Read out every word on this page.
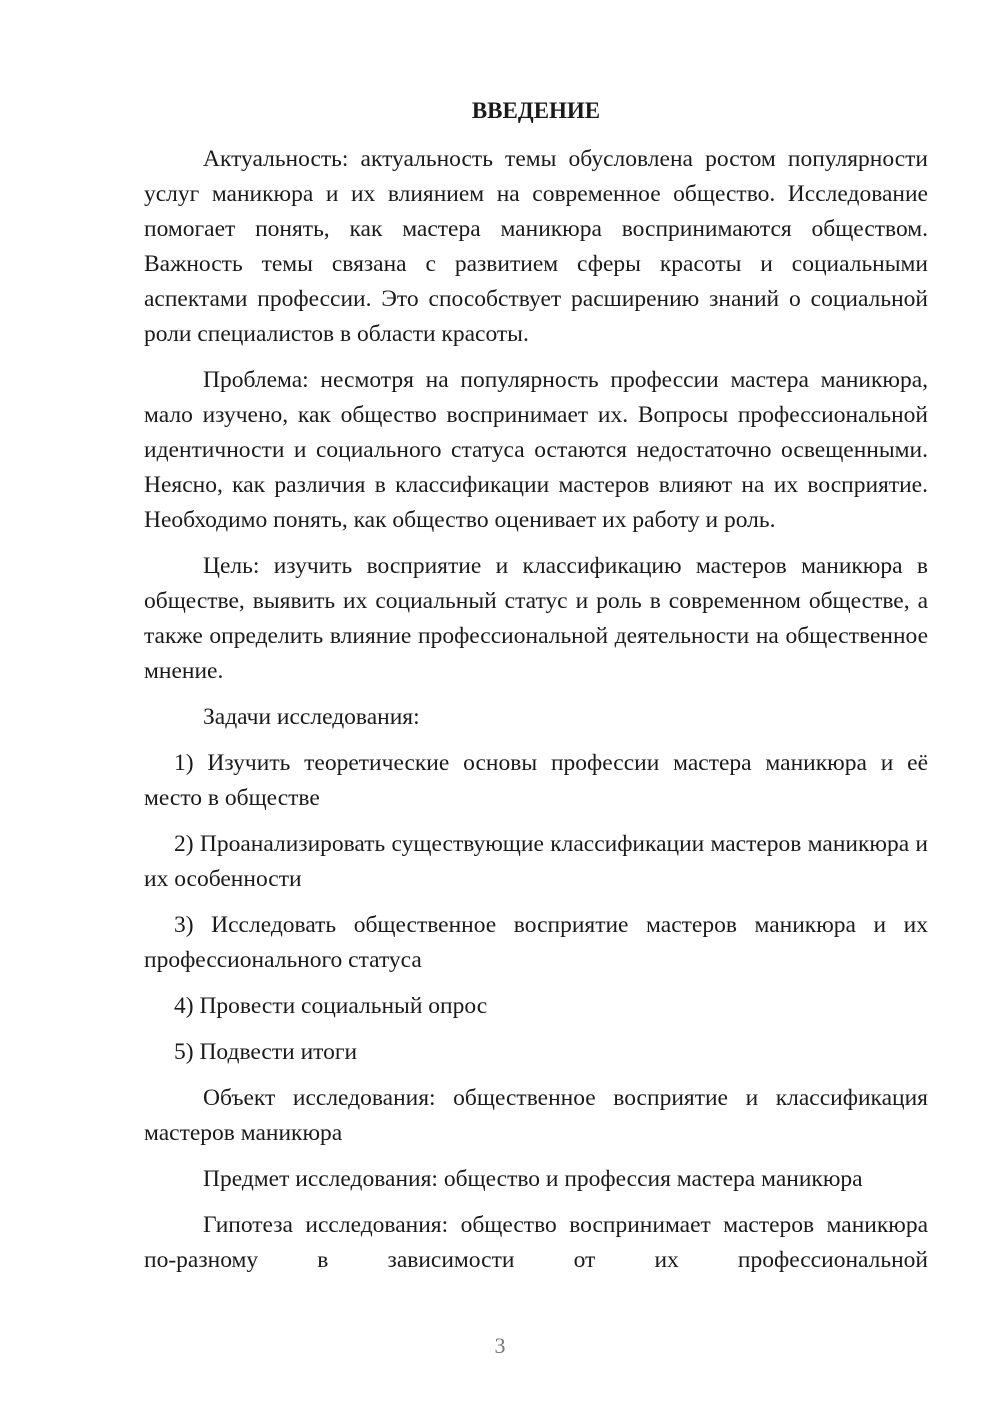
ВВЕДЕНИЕ

Актуальность: актуальность темы обусловлена ростом популярности услуг маникюра и их влиянием на современное общество. Исследование помогает понять, как мастера маникюра воспринимаются обществом. Важность темы связана с развитием сферы красоты и социальными аспектами профессии. Это способствует расширению знаний о социальной роли специалистов в области красоты.

Проблема: несмотря на популярность профессии мастера маникюра, мало изучено, как общество воспринимает их. Вопросы профессиональной идентичности и социального статуса остаются недостаточно освещенными. Неясно, как различия в классификации мастеров влияют на их восприятие. Необходимо понять, как общество оценивает их работу и роль.

Цель: изучить восприятие и классификацию мастеров маникюра в обществе, выявить их социальный статус и роль в современном обществе, а также определить влияние профессиональной деятельности на общественное мнение.

Задачи исследования:

1) Изучить теоретические основы профессии мастера маникюра и её место в обществе

2) Проанализировать существующие классификации мастеров маникюра и их особенности

3) Исследовать общественное восприятие мастеров маникюра и их профессионального статуса

4) Провести социальный опрос

5) Подвести итоги

Объект исследования: общественное восприятие и классификация мастеров маникюра

Предмет исследования: общество и профессия мастера маникюра

Гипотеза исследования: общество воспринимает мастеров маникюра по-разному в зависимости от их профессиональной

3
